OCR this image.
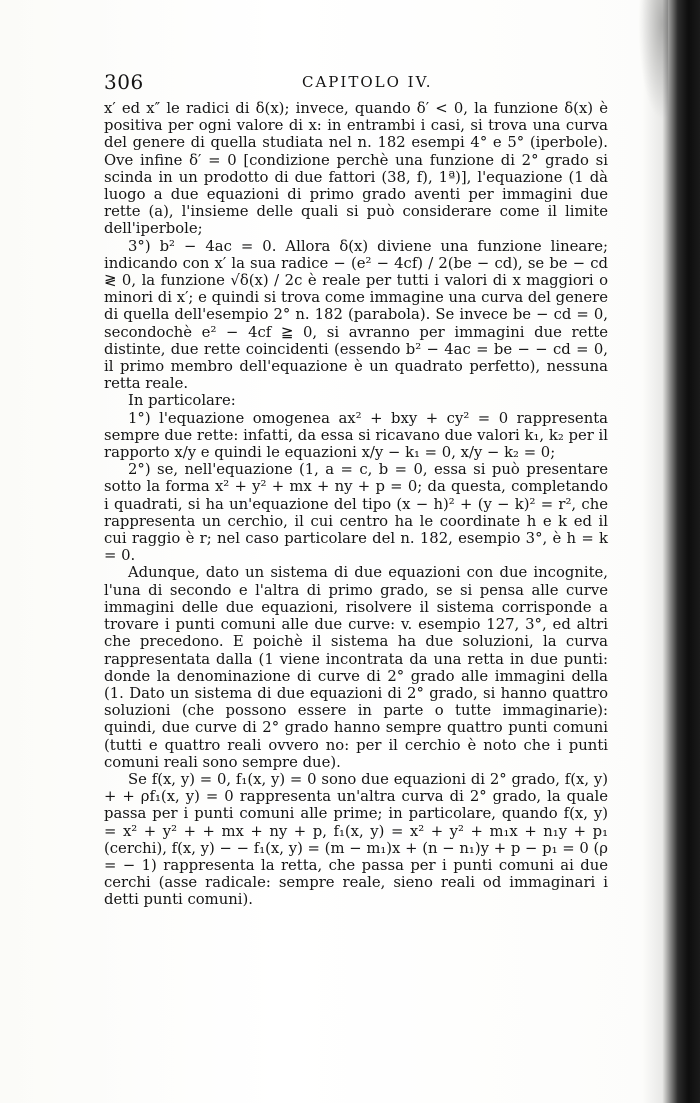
306	CAPITOLO IV.

x′ ed x″ le radici di δ(x); invece, quando δ′ < 0, la funzione δ(x) è positiva per ogni valore di x: in entrambi i casi, si trova una curva del genere di quella studiata nel n. 182 esempi 4° e 5° (iperbole). Ove infine δ′ = 0 [condizione perchè una funzione di 2° grado si scinda in un prodotto di due fattori (38, f), 1ª)], l'equazione (1 dà luogo a due equazioni di primo grado aventi per immagini due rette (a), l'insieme delle quali si può considerare come il limite dell'iperbole;

3°) b² − 4ac = 0. Allora δ(x) diviene una funzione lineare; indicando con x′ la sua radice − (e² − 4cf) / 2(be − cd), se be − cd ≷ 0, la funzione √δ(x) / 2c è reale per tutti i valori di x maggiori o minori di x′; e quindi si trova come immagine una curva del genere di quella dell'esempio 2° n. 182 (parabola). Se invece be − cd = 0, secondochè e² − 4cf ≧ 0, si avranno per immagini due rette distinte, due rette coincidenti (essendo b² − 4ac = be − − cd = 0, il primo membro dell'equazione è un quadrato perfetto), nessuna retta reale.

In particolare:

1°) l'equazione omogenea ax² + bxy + cy² = 0 rappresenta sempre due rette: infatti, da essa si ricavano due valori k₁, k₂ per il rapporto x/y e quindi le equazioni x/y − k₁ = 0, x/y − k₂ = 0;

2°) se, nell'equazione (1, a = c, b = 0, essa si può presentare sotto la forma x² + y² + mx + ny + p = 0; da questa, completando i quadrati, si ha un'equazione del tipo (x − h)² + (y − k)² = r², che rappresenta un cerchio, il cui centro ha le coordinate h e k ed il cui raggio è r; nel caso particolare del n. 182, esempio 3°, è h = k = 0.

Adunque, dato un sistema di due equazioni con due incognite, l'una di secondo e l'altra di primo grado, se si pensa alle curve immagini delle due equazioni, risolvere il sistema corrisponde a trovare i punti comuni alle due curve: v. esempio 127, 3°, ed altri che precedono. E poichè il sistema ha due soluzioni, la curva rappresentata dalla (1 viene incontrata da una retta in due punti: donde la denominazione di curve di 2° grado alle immagini della (1. Dato un sistema di due equazioni di 2° grado, si hanno quattro soluzioni (che possono essere in parte o tutte immaginarie): quindi, due curve di 2° grado hanno sempre quattro punti comuni (tutti e quattro reali ovvero no: per il cerchio è noto che i punti comuni reali sono sempre due).

Se f(x, y) = 0, f₁(x, y) = 0 sono due equazioni di 2° grado, f(x, y) + + ρf₁(x, y) = 0 rappresenta un'altra curva di 2° grado, la quale passa per i punti comuni alle prime; in particolare, quando f(x, y) = x² + y² + + mx + ny + p, f₁(x, y) = x² + y² + m₁x + n₁y + p₁ (cerchi), f(x, y) − − f₁(x, y) = (m − m₁)x + (n − n₁)y + p − p₁ = 0 (ρ = − 1) rappresenta la retta, che passa per i punti comuni ai due cerchi (asse radicale: sempre reale, sieno reali od immaginari i detti punti comuni).
